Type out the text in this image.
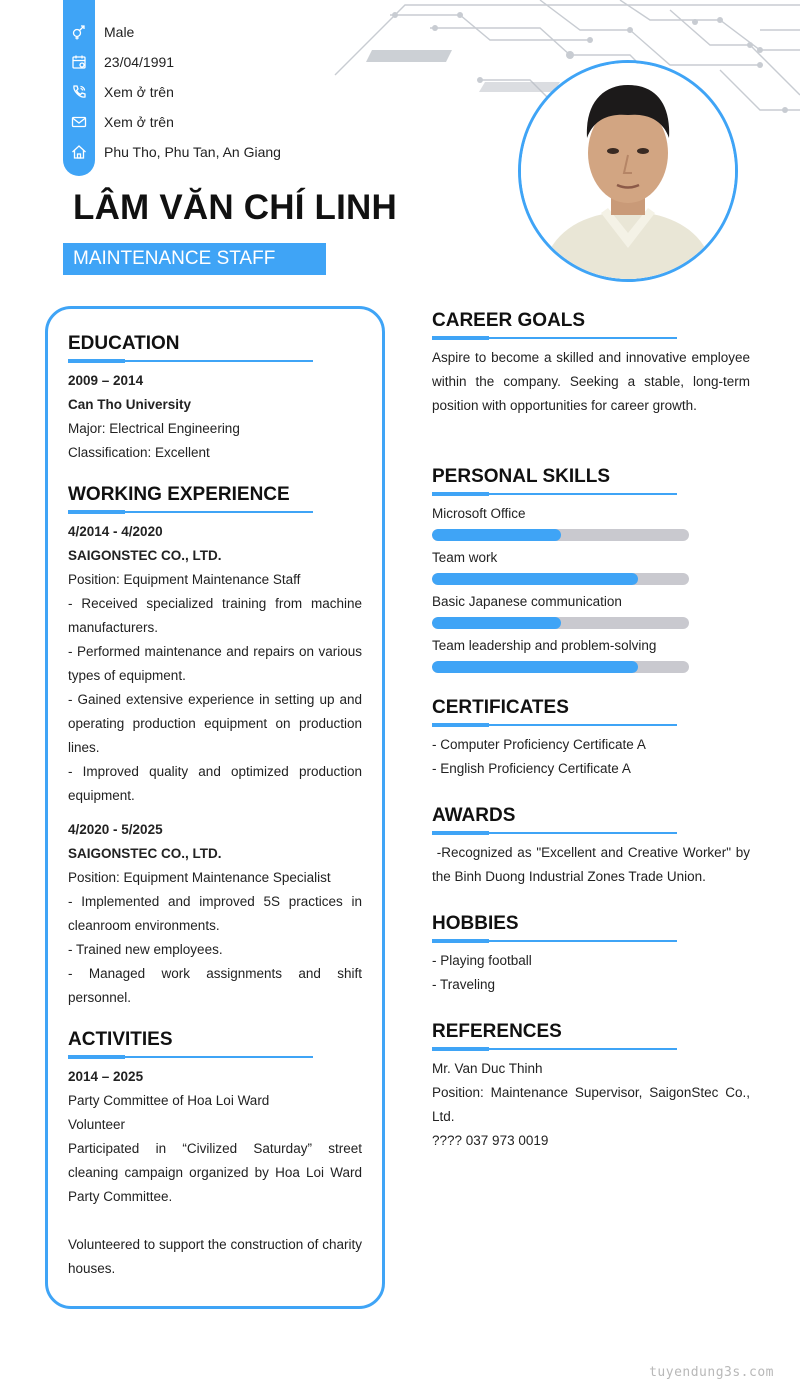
Male
23/04/1991
Xem ở trên
Xem ở trên
Phu Tho, Phu Tan, An Giang
LÂM VĂN CHÍ LINH
MAINTENANCE STAFF
EDUCATION
2009 – 2014
Can Tho University
Major: Electrical Engineering
Classification: Excellent
WORKING EXPERIENCE
4/2014 - 4/2020
SAIGONSTEC CO., LTD.
Position: Equipment Maintenance Staff
- Received specialized training from machine manufacturers.
- Performed maintenance and repairs on various types of equipment.
- Gained extensive experience in setting up and operating production equipment on production lines.
- Improved quality and optimized production equipment.
4/2020 - 5/2025
SAIGONSTEC CO., LTD.
Position: Equipment Maintenance Specialist
- Implemented and improved 5S practices in cleanroom environments.
- Trained new employees.
- Managed work assignments and shift personnel.
ACTIVITIES
2014 – 2025
Party Committee of Hoa Loi Ward
Volunteer
Participated in “Civilized Saturday” street cleaning campaign organized by Hoa Loi Ward Party Committee.
Volunteered to support the construction of charity houses.
CAREER GOALS
Aspire to become a skilled and innovative employee within the company. Seeking a stable, long-term position with opportunities for career growth.
PERSONAL SKILLS
Microsoft Office
Team work
Basic Japanese communication
Team leadership and problem-solving
CERTIFICATES
- Computer Proficiency Certificate A
- English Proficiency Certificate A
AWARDS
-Recognized as "Excellent and Creative Worker" by the Binh Duong Industrial Zones Trade Union.
HOBBIES
- Playing football
- Traveling
REFERENCES
Mr. Van Duc Thinh
Position: Maintenance Supervisor, SaigonStec Co., Ltd.
???? 037 973 0019
tuyendung3s.com
